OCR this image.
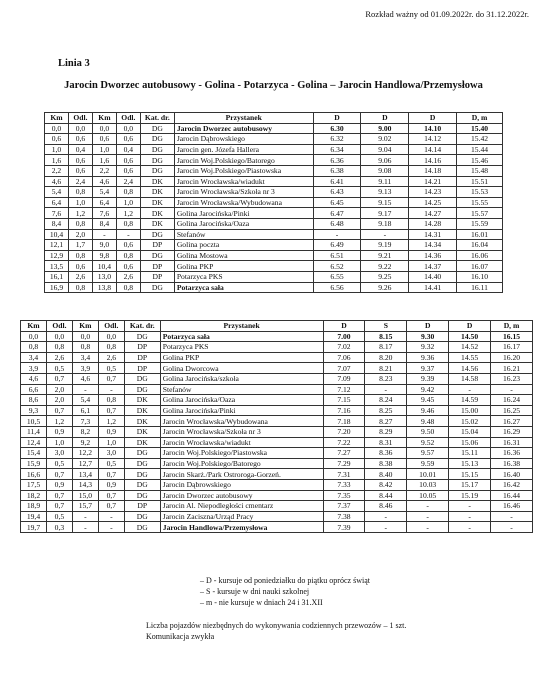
Rozkład ważny od 01.09.2022r. do 31.12.2022r.
Linia 3
Jarocin Dworzec autobusowy - Golina - Potarzyca - Golina – Jarocin Handlowa/Przemysłowa
Km	Odl.	Km	Odl.	Kat. dr.	Przystanek	D	D	D	D, m
0,0	0,0	0,0	0,0	DG	Jarocin Dworzec autobusowy	6.30	9.00	14.10	15.40
0,6	0,6	0,6	0,6	DG	Jarocin Dąbrowskiego	6.32	9.02	14.12	15.42
1,0	0,4	1,0	0,4	DG	Jarocin gen. Józefa Hallera	6.34	9.04	14.14	15.44
1,6	0,6	1,6	0,6	DG	Jarocin Woj.Polskiego/Batorego	6.36	9.06	14.16	15.46
2,2	0,6	2,2	0,6	DG	Jarocin Woj.Polskiego/Piastowska	6.38	9.08	14.18	15.48
4,6	2,4	4,6	2,4	DK	Jarocin Wrocławska/wiadukt	6.41	9.11	14.21	15.51
5,4	0,8	5,4	0,8	DK	Jarocin Wrocławska/Szkoła nr 3	6.43	9.13	14.23	15.53
6,4	1,0	6,4	1,0	DK	Jarocin Wrocławska/Wybudowana	6.45	9.15	14.25	15.55
7,6	1,2	7,6	1,2	DK	Golina Jarocińska/Pinki	6.47	9.17	14.27	15.57
8,4	0,8	8,4	0,8	DK	Golina Jarocińska/Oaza	6.48	9.18	14.28	15.59
10,4	2,0	-	-	DG	Stefanów	-	-	14.31	16.01
12,1	1,7	9,0	0,6	DP	Golina poczta	6.49	9.19	14.34	16.04
12,9	0,8	9,8	0,8	DG	Golina Mostowa	6.51	9.21	14.36	16.06
13,5	0,6	10,4	0,6	DP	Golina PKP	6.52	9.22	14.37	16.07
16,1	2,6	13,0	2,6	DP	Potarzyca PKS	6.55	9.25	14.40	16.10
16,9	0,8	13,8	0,8	DG	Potarzyca sała	6.56	9.26	14.41	16.11
Km	Odl.	Km	Odl.	Kat. dr.	Przystanek	D	S	D	D	D, m
0,0	0,0	0,0	0,0	DG	Potarzyca sała	7.00	8.15	9.30	14.50	16.15
0,8	0,8	0,8	0,8	DP	Potarzyca PKS	7.02	8.17	9.32	14.52	16.17
3,4	2,6	3,4	2,6	DP	Golina PKP	7.06	8.20	9.36	14.55	16.20
3,9	0,5	3,9	0,5	DP	Golina Dworcowa	7.07	8.21	9.37	14.56	16.21
4,6	0,7	4,6	0,7	DG	Golina Jarocińska/szkoła	7.09	8.23	9.39	14.58	16.23
6,6	2,0	-	-	DG	Stefanów	7.12	-	9.42	-	-
8,6	2,0	5,4	0,8	DK	Golina Jarocińska/Oaza	7.15	8.24	9.45	14.59	16.24
9,3	0,7	6,1	0,7	DK	Golina Jarocińska/Pinki	7.16	8.25	9.46	15.00	16.25
10,5	1,2	7,3	1,2	DK	Jarocin Wrocławska/Wybudowana	7.18	8.27	9.48	15.02	16.27
11,4	0,9	8,2	0,9	DK	Jarocin Wrocławska/Szkoła nr 3	7.20	8.29	9.50	15.04	16.29
12,4	1,0	9,2	1,0	DK	Jarocin Wrocławska/wiadukt	7.22	8.31	9.52	15.06	16.31
15,4	3,0	12,2	3,0	DG	Jarocin Woj.Polskiego/Piastowska	7.27	8.36	9.57	15.11	16.36
15,9	0,5	12,7	0,5	DG	Jarocin Woj.Polskiego/Batorego	7.29	8.38	9.59	15.13	16.38
16,6	0,7	13,4	0,7	DG	Jarocin Skarż./Park Ostroroga-Gorzeń.	7.31	8.40	10.01	15.15	16.40
17,5	0,9	14,3	0,9	DG	Jarocin Dąbrowskiego	7.33	8.42	10.03	15.17	16.42
18,2	0,7	15,0	0,7	DG	Jarocin Dworzec autobusowy	7.35	8.44	10.05	15.19	16.44
18,9	0,7	15,7	0,7	DP	Jarocin Al. Niepodległości cmentarz	7.37	8.46	-	-	16.46
19,4	0,5	-	-	DG	Jarocin Zaciszna/Urząd Pracy	7.38	-	-	-	-
19,7	0,3	-	-	DG	Jarocin Handlowa/Przemysłowa	7.39	-	-	-	-
– D - kursuje od poniedziałku do piątku oprócz świąt
– S - kursuje w dni nauki szkolnej
– m - nie kursuje w dniach 24 i 31.XII
Liczba pojazdów niezbędnych do wykonywania codziennych przewozów – 1 szt.
Komunikacja zwykła
